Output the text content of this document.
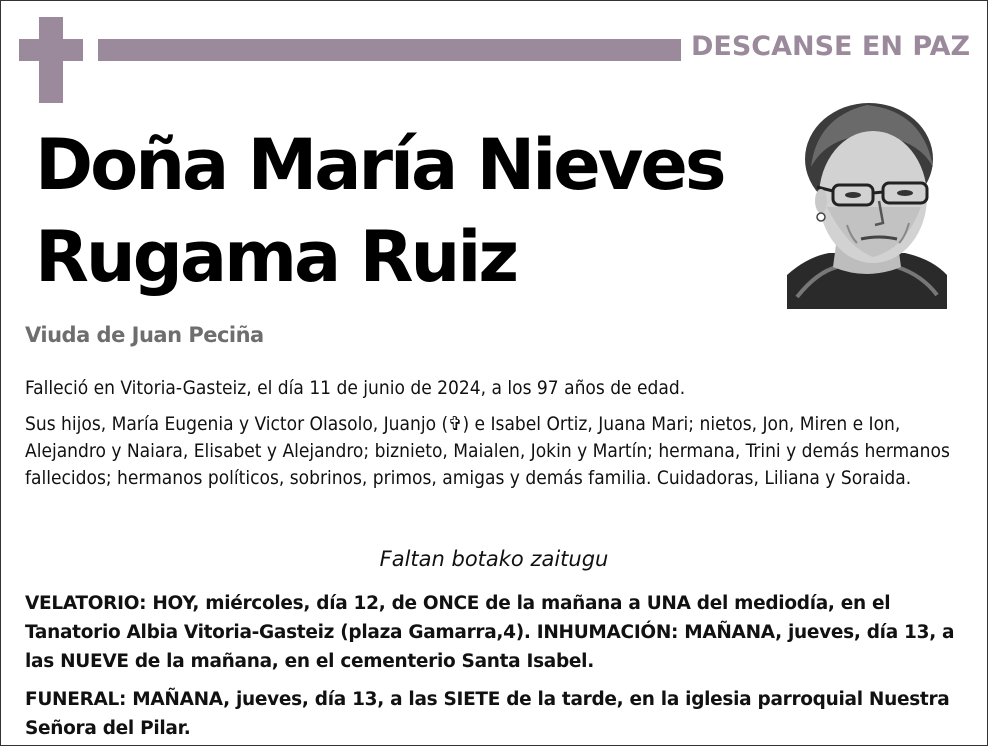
DESCANSE EN PAZ
Doña María Nieves
Rugama Ruiz
Viuda de Juan Peciña
Falleció en Vitoria-Gasteiz, el día 11 de junio de 2024, a los 97 años de edad.
Sus hijos, María Eugenia y Victor Olasolo, Juanjo (✞) e Isabel Ortiz, Juana Mari; nietos, Jon, Miren e Ion, Alejandro y Naiara, Elisabet y Alejandro; biznieto, Maialen, Jokin y Martín; hermana, Trini y demás hermanos fallecidos; hermanos políticos, sobrinos, primos, amigas y demás familia. Cuidadoras, Liliana y Soraida.
Faltan botako zaitugu
VELATORIO: HOY, miércoles, día 12, de ONCE de la mañana a UNA del mediodía, en el Tanatorio Albia Vitoria-Gasteiz (plaza Gamarra,4). INHUMACIÓN: MAÑANA, jueves, día 13, a las NUEVE de la mañana, en el cementerio Santa Isabel.
FUNERAL: MAÑANA, jueves, día 13, a las SIETE de la tarde, en la iglesia parroquial Nuestra Señora del Pilar.
